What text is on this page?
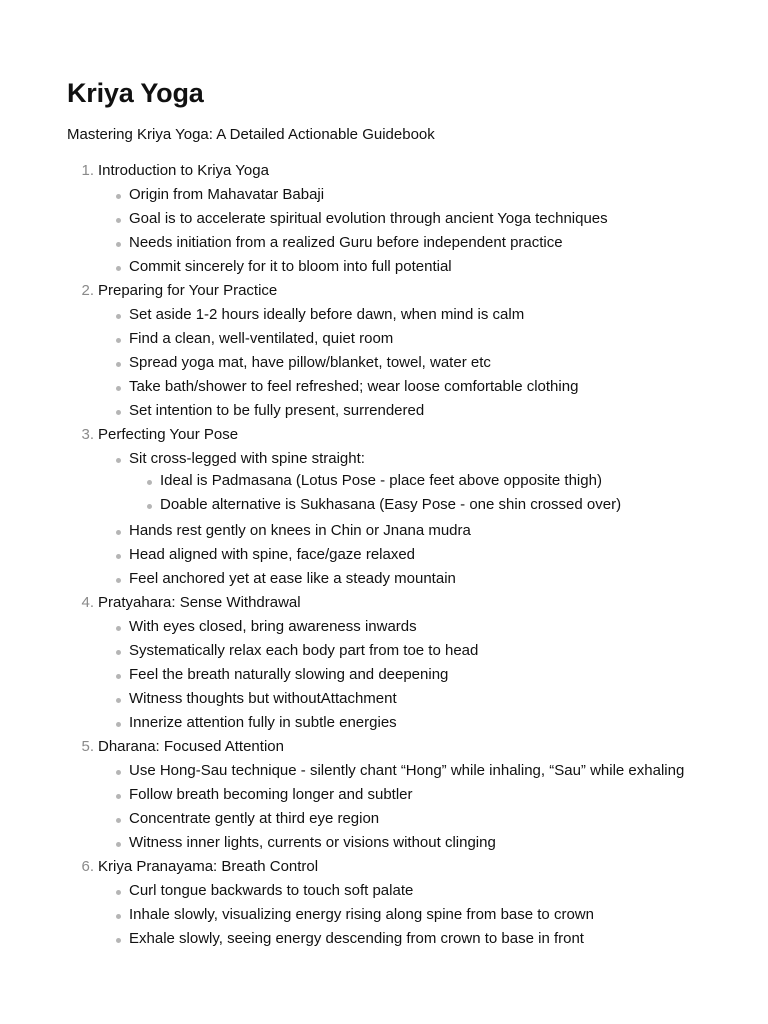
Kriya Yoga

Mastering Kriya Yoga: A Detailed Actionable Guidebook

1. Introduction to Kriya Yoga
Origin from Mahavatar Babaji
Goal is to accelerate spiritual evolution through ancient Yoga techniques
Needs initiation from a realized Guru before independent practice
Commit sincerely for it to bloom into full potential
2. Preparing for Your Practice
Set aside 1-2 hours ideally before dawn, when mind is calm
Find a clean, well-ventilated, quiet room
Spread yoga mat, have pillow/blanket, towel, water etc
Take bath/shower to feel refreshed; wear loose comfortable clothing
Set intention to be fully present, surrendered
3. Perfecting Your Pose
Sit cross-legged with spine straight:
Ideal is Padmasana (Lotus Pose - place feet above opposite thigh)
Doable alternative is Sukhasana (Easy Pose - one shin crossed over)
Hands rest gently on knees in Chin or Jnana mudra
Head aligned with spine, face/gaze relaxed
Feel anchored yet at ease like a steady mountain
4. Pratyahara: Sense Withdrawal
With eyes closed, bring awareness inwards
Systematically relax each body part from toe to head
Feel the breath naturally slowing and deepening
Witness thoughts but withoutAttachment
Innerize attention fully in subtle energies
5. Dharana: Focused Attention
Use Hong-Sau technique - silently chant “Hong” while inhaling, “Sau” while exhaling
Follow breath becoming longer and subtler
Concentrate gently at third eye region
Witness inner lights, currents or visions without clinging
6. Kriya Pranayama: Breath Control
Curl tongue backwards to touch soft palate
Inhale slowly, visualizing energy rising along spine from base to crown
Exhale slowly, seeing energy descending from crown to base in front
